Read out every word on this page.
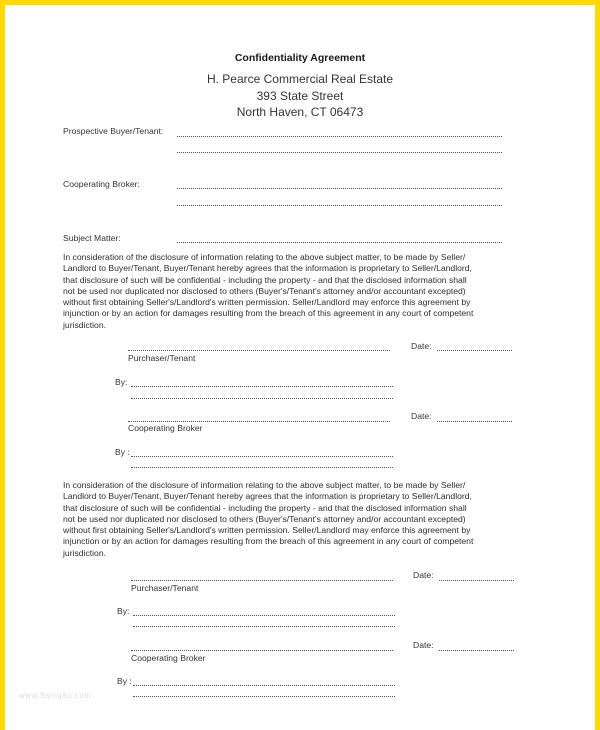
Confidentiality Agreement
H. Pearce Commercial Real Estate
393 State Street
North Haven, CT 06473
Prospective Buyer/Tenant:
Cooperating Broker:
Subject Matter:
In consideration of the disclosure of information relating to the above subject matter, to be made by Seller/
Landlord to Buyer/Tenant, Buyer/Tenant hereby agrees that the information is proprietary to Seller/Landlord,
that disclosure of such will be confidential - including the property - and that the disclosed information shall
not be used nor duplicated nor disclosed to others (Buyer's/Tenant's attorney and/or accountant excepted)
without first obtaining Seller's/Landlord's written permission. Seller/Landlord may enforce this agreement by
injunction or by an action for damages resulting from the breach of this agreement in any court of competent
jurisdiction.
Date:
Purchaser/Tenant
By:
Date:
Cooperating Broker
By :
In consideration of the disclosure of information relating to the above subject matter, to be made by Seller/
Landlord to Buyer/Tenant, Buyer/Tenant hereby agrees that the information is proprietary to Seller/Landlord,
that disclosure of such will be confidential - including the property - and that the disclosed information shall
not be used nor duplicated nor disclosed to others (Buyer's/Tenant's attorney and/or accountant excepted)
without first obtaining Seller's/Landlord's written permission. Seller/Landlord may enforce this agreement by
injunction or by an action for damages resulting from the breach of this agreement in any court of competent
jurisdiction.
Date:
Purchaser/Tenant
By:
Date:
Cooperating Broker
By :
www.flanigan.com
